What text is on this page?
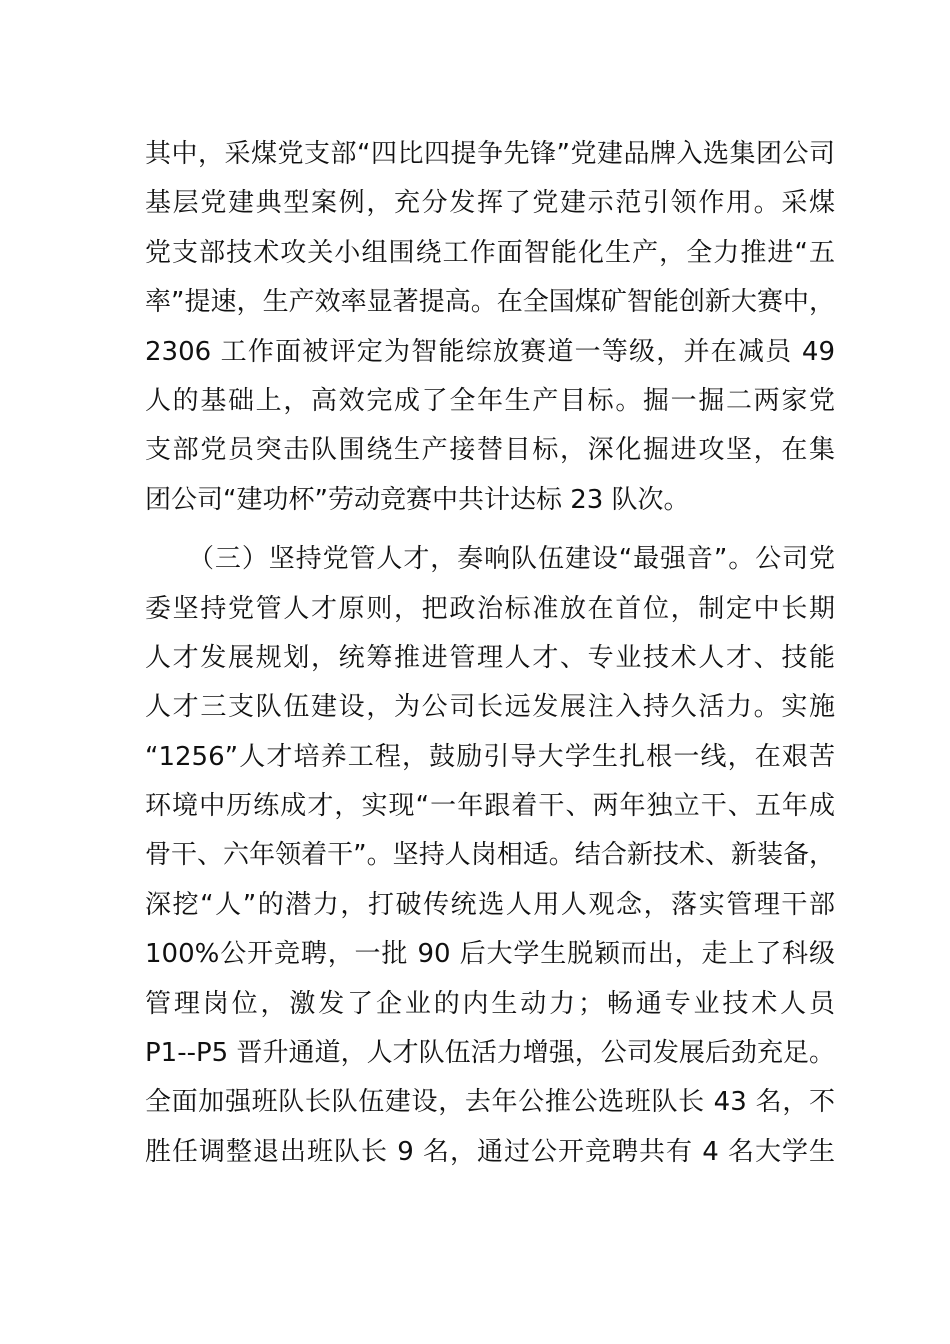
其中，采煤党支部“四比四提争先锋”党建品牌入选集团公司
基层党建典型案例，充分发挥了党建示范引领作用。采煤
党支部技术攻关小组围绕工作面智能化生产，全力推进“五
率”提速，生产效率显著提高。在全国煤矿智能创新大赛中，
2306 工作面被评定为智能综放赛道一等级，并在减员 49
人的基础上，高效完成了全年生产目标。掘一掘二两家党
支部党员突击队围绕生产接替目标，深化掘进攻坚，在集
团公司“建功杯”劳动竞赛中共计达标 23 队次。
（三）坚持党管人才，奏响队伍建设“最强音”。公司党
委坚持党管人才原则，把政治标准放在首位，制定中长期
人才发展规划，统筹推进管理人才、专业技术人才、技能
人才三支队伍建设，为公司长远发展注入持久活力。实施
“1256”人才培养工程，鼓励引导大学生扎根一线，在艰苦
环境中历练成才，实现“一年跟着干、两年独立干、五年成
骨干、六年领着干”。坚持人岗相适。结合新技术、新装备，
深挖“人”的潜力，打破传统选人用人观念，落实管理干部
100%公开竞聘，一批 90 后大学生脱颖而出，走上了科级
管理岗位，激发了企业的内生动力；畅通专业技术人员
P1--P5 晋升通道，人才队伍活力增强，公司发展后劲充足。
全面加强班队长队伍建设，去年公推公选班队长 43 名，不
胜任调整退出班队长 9 名，通过公开竞聘共有 4 名大学生
